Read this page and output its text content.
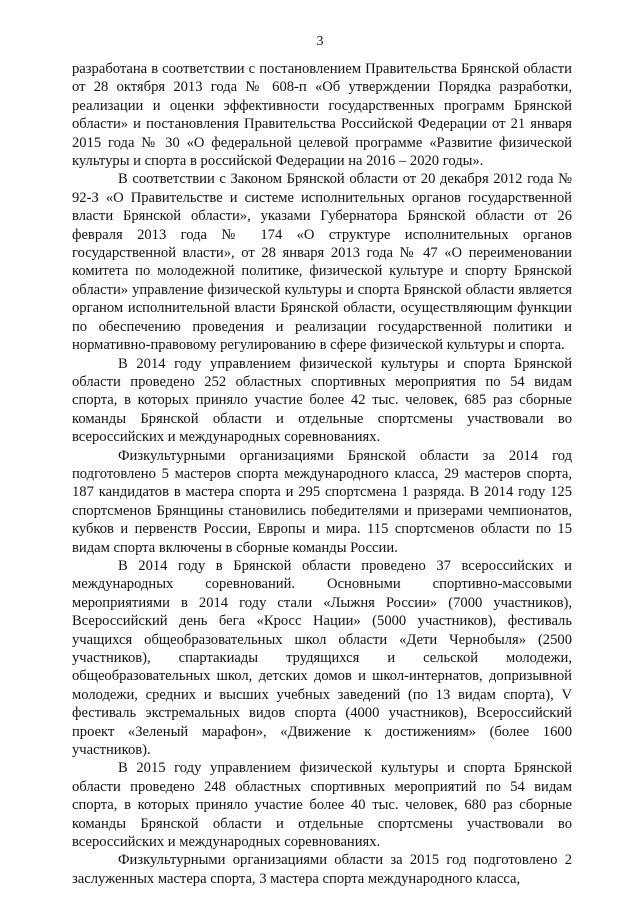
3

разработана в соответствии с постановлением Правительства Брянской области от 28 октября 2013 года № 608-п «Об утверждении Порядка разработки, реализации и оценки эффективности государственных программ Брянской области» и постановления Правительства Российской Федерации от 21 января 2015 года № 30 «О федеральной целевой программе «Развитие физической культуры и спорта в российской Федерации на 2016 – 2020 годы».

В соответствии с Законом Брянской области от 20 декабря 2012 года № 92-З «О Правительстве и системе исполнительных органов государственной власти Брянской области», указами Губернатора Брянской области от 26 февраля 2013 года № 174 «О структуре исполнительных органов государственной власти», от 28 января 2013 года № 47 «О переименовании комитета по молодежной политике, физической культуре и спорту Брянской области» управление физической культуры и спорта Брянской области является органом исполнительной власти Брянской области, осуществляющим функции по обеспечению проведения и реализации государственной политики и нормативно-правовому регулированию в сфере физической культуры и спорта.

В 2014 году управлением физической культуры и спорта Брянской области проведено 252 областных спортивных мероприятия по 54 видам спорта, в которых приняло участие более 42 тыс. человек, 685 раз сборные команды Брянской области и отдельные спортсмены участвовали во всероссийских и международных соревнованиях.

Физкультурными организациями Брянской области за 2014 год подготовлено 5 мастеров спорта международного класса, 29 мастеров спорта, 187 кандидатов в мастера спорта и 295 спортсмена 1 разряда. В 2014 году 125 спортсменов Брянщины становились победителями и призерами чемпионатов, кубков и первенств России, Европы и мира. 115 спортсменов области по 15 видам спорта включены в сборные команды России.

В 2014 году в Брянской области проведено 37 всероссийских и международных соревнований. Основными спортивно-массовыми мероприятиями в 2014 году стали «Лыжня России» (7000 участников), Всероссийский день бега «Кросс Нации» (5000 участников), фестиваль учащихся общеобразовательных школ области «Дети Чернобыля» (2500 участников), спартакиады трудящихся и сельской молодежи, общеобразовательных школ, детских домов и школ-интернатов, допризывной молодежи, средних и высших учебных заведений (по 13 видам спорта), V фестиваль экстремальных видов спорта (4000 участников), Всероссийский проект «Зеленый марафон», «Движение к достижениям» (более 1600 участников).

В 2015 году управлением физической культуры и спорта Брянской области проведено 248 областных спортивных мероприятий по 54 видам спорта, в которых приняло участие более 40 тыс. человек, 680 раз сборные команды Брянской области и отдельные спортсмены участвовали во всероссийских и международных соревнованиях.

Физкультурными организациями области за 2015 год подготовлено 2 заслуженных мастера спорта, 3 мастера спорта международного класса,
